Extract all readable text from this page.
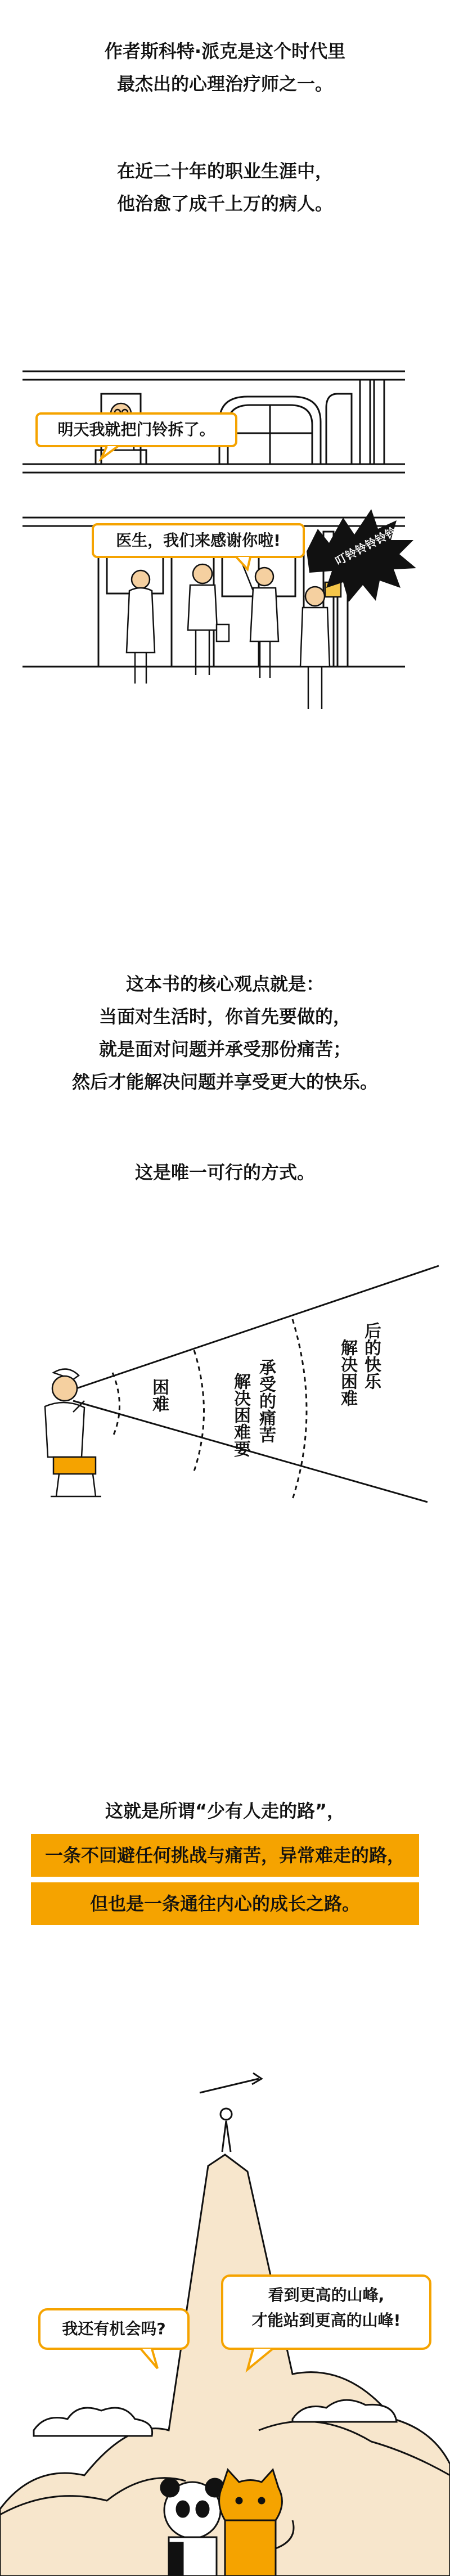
作者斯科特·派克是这个时代里
最杰出的心理治疗师之一。
在近二十年的职业生涯中，
他治愈了成千上万的病人。
明天我就把门铃拆了。
医生，我们来感谢你啦!	叮铃铃铃铃铃
这本书的核心观点就是：
当面对生活时，你首先要做的，
就是面对问题并承受那份痛苦；
然后才能解决问题并享受更大的快乐。
这是唯一可行的方式。
困难	承受的痛苦
解决困难要
后的快乐
解决困难
这就是所谓“少有人走的路”，
一条不回避任何挑战与痛苦，异常难走的路，
但也是一条通往内心的成长之路。
我还有机会吗?
看到更高的山峰,
才能站到更高的山峰!
